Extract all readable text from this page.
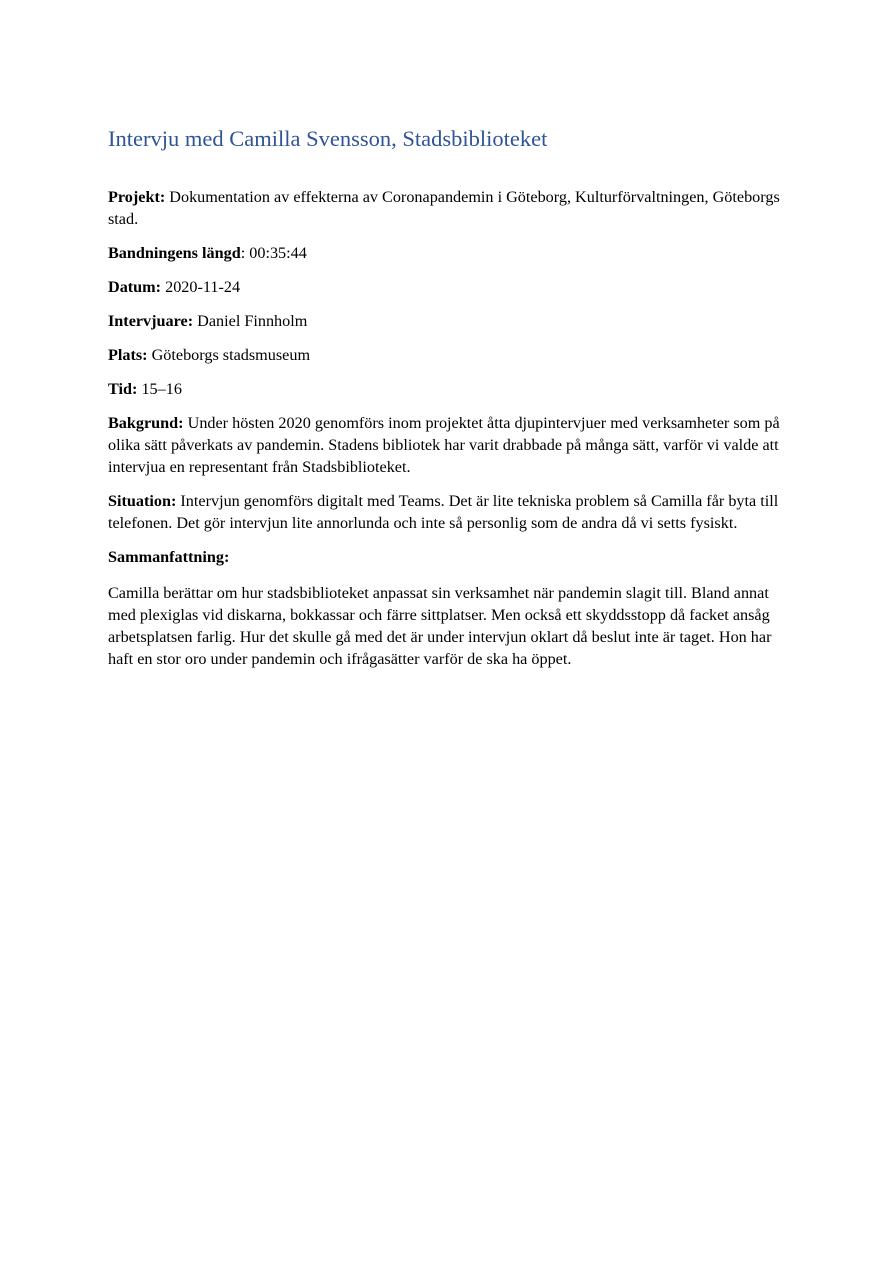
Intervju med Camilla Svensson, Stadsbiblioteket

Projekt: Dokumentation av effekterna av Coronapandemin i Göteborg, Kulturförvaltningen, Göteborgs stad.

Bandningens längd: 00:35:44

Datum: 2020-11-24

Intervjuare: Daniel Finnholm

Plats: Göteborgs stadsmuseum

Tid: 15–16

Bakgrund: Under hösten 2020 genomförs inom projektet åtta djupintervjuer med verksamheter som på olika sätt påverkats av pandemin. Stadens bibliotek har varit drabbade på många sätt, varför vi valde att intervjua en representant från Stadsbiblioteket.

Situation: Intervjun genomförs digitalt med Teams. Det är lite tekniska problem så Camilla får byta till telefonen. Det gör intervjun lite annorlunda och inte så personlig som de andra då vi setts fysiskt.

Sammanfattning:

Camilla berättar om hur stadsbiblioteket anpassat sin verksamhet när pandemin slagit till. Bland annat med plexiglas vid diskarna, bokkassar och färre sittplatser. Men också ett skyddsstopp då facket ansåg arbetsplatsen farlig. Hur det skulle gå med det är under intervjun oklart då beslut inte är taget. Hon har haft en stor oro under pandemin och ifrågasätter varför de ska ha öppet.
